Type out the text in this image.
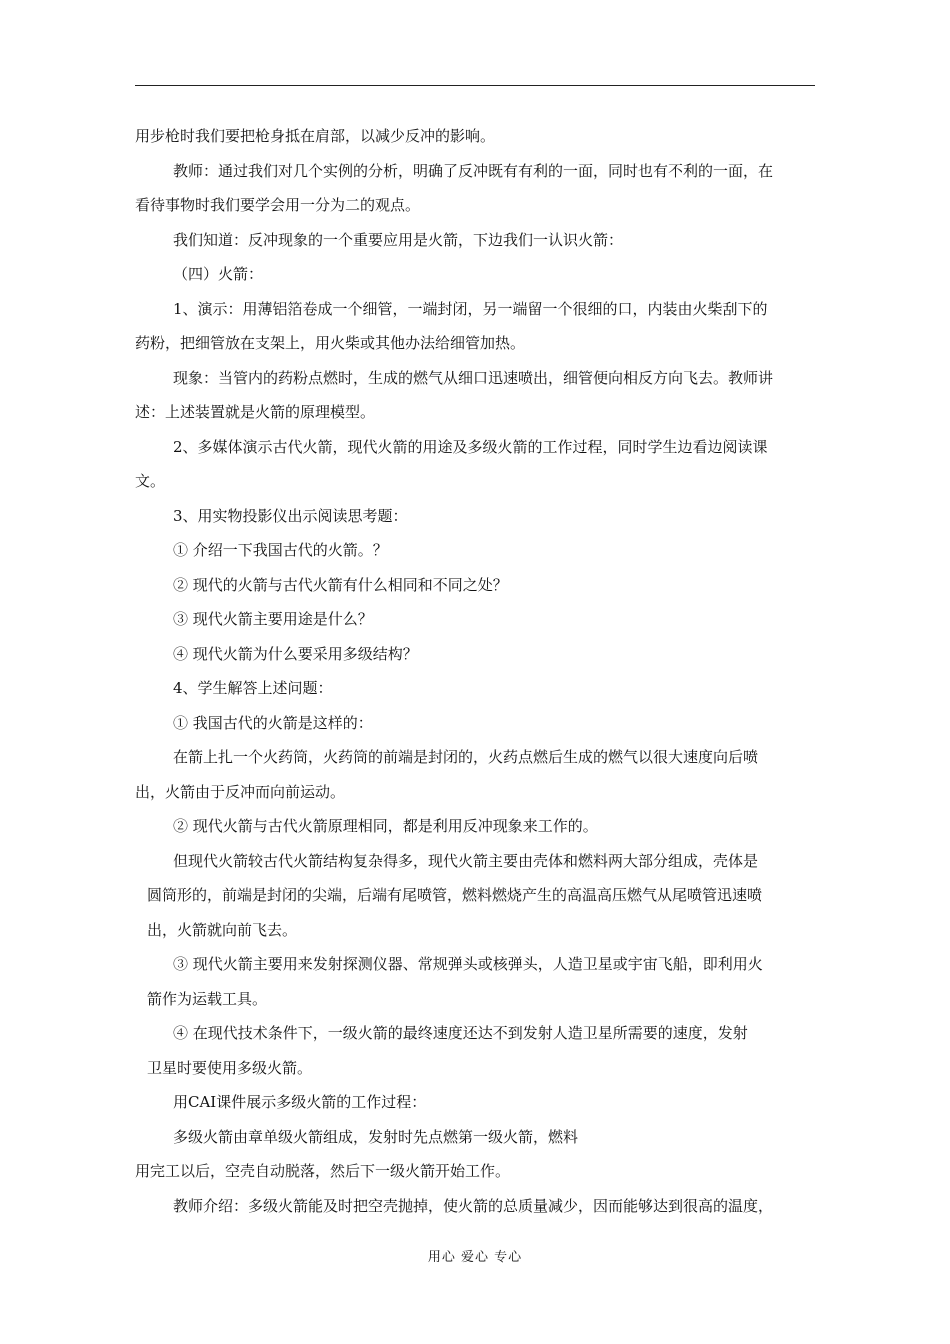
用步枪时我们要把枪身抵在肩部，以减少反冲的影响。

教师：通过我们对几个实例的分析，明确了反冲既有有利的一面，同时也有不利的一面，在

看待事物时我们要学会用一分为二的观点。

我们知道：反冲现象的一个重要应用是火箭，下边我们一认识火箭：

（四）火箭：

1、演示：用薄铝箔卷成一个细管，一端封闭，另一端留一个很细的口，内装由火柴刮下的

药粉，把细管放在支架上，用火柴或其他办法给细管加热。

现象：当管内的药粉点燃时，生成的燃气从细口迅速喷出，细管便向相反方向飞去。教师讲

述：上述装置就是火箭的原理模型。

2、多媒体演示古代火箭，现代火箭的用途及多级火箭的工作过程，同时学生边看边阅读课

文。

3、用实物投影仪出示阅读思考题：

① 介绍一下我国古代的火箭。？

② 现代的火箭与古代火箭有什么相同和不同之处？

③ 现代火箭主要用途是什么？

④ 现代火箭为什么要采用多级结构？

4、学生解答上述问题：

① 我国古代的火箭是这样的：

在箭上扎一个火药筒，火药筒的前端是封闭的，火药点燃后生成的燃气以很大速度向后喷

出，火箭由于反冲而向前运动。

② 现代火箭与古代火箭原理相同，都是利用反冲现象来工作的。

但现代火箭较古代火箭结构复杂得多，现代火箭主要由壳体和燃料两大部分组成，壳体是

圆筒形的，前端是封闭的尖端，后端有尾喷管，燃料燃烧产生的高温高压燃气从尾喷管迅速喷

出，火箭就向前飞去。

③ 现代火箭主要用来发射探测仪器、常规弹头或核弹头，人造卫星或宇宙飞船，即利用火

箭作为运载工具。

④ 在现代技术条件下，一级火箭的最终速度还达不到发射人造卫星所需要的速度，发射

卫星时要使用多级火箭。

用CAI课件展示多级火箭的工作过程：

多级火箭由章单级火箭组成，发射时先点燃第一级火箭，燃料

用完工以后，空壳自动脱落，然后下一级火箭开始工作。

教师介绍：多级火箭能及时把空壳抛掉，使火箭的总质量减少，因而能够达到很高的温度，

用心 爱心 专心
